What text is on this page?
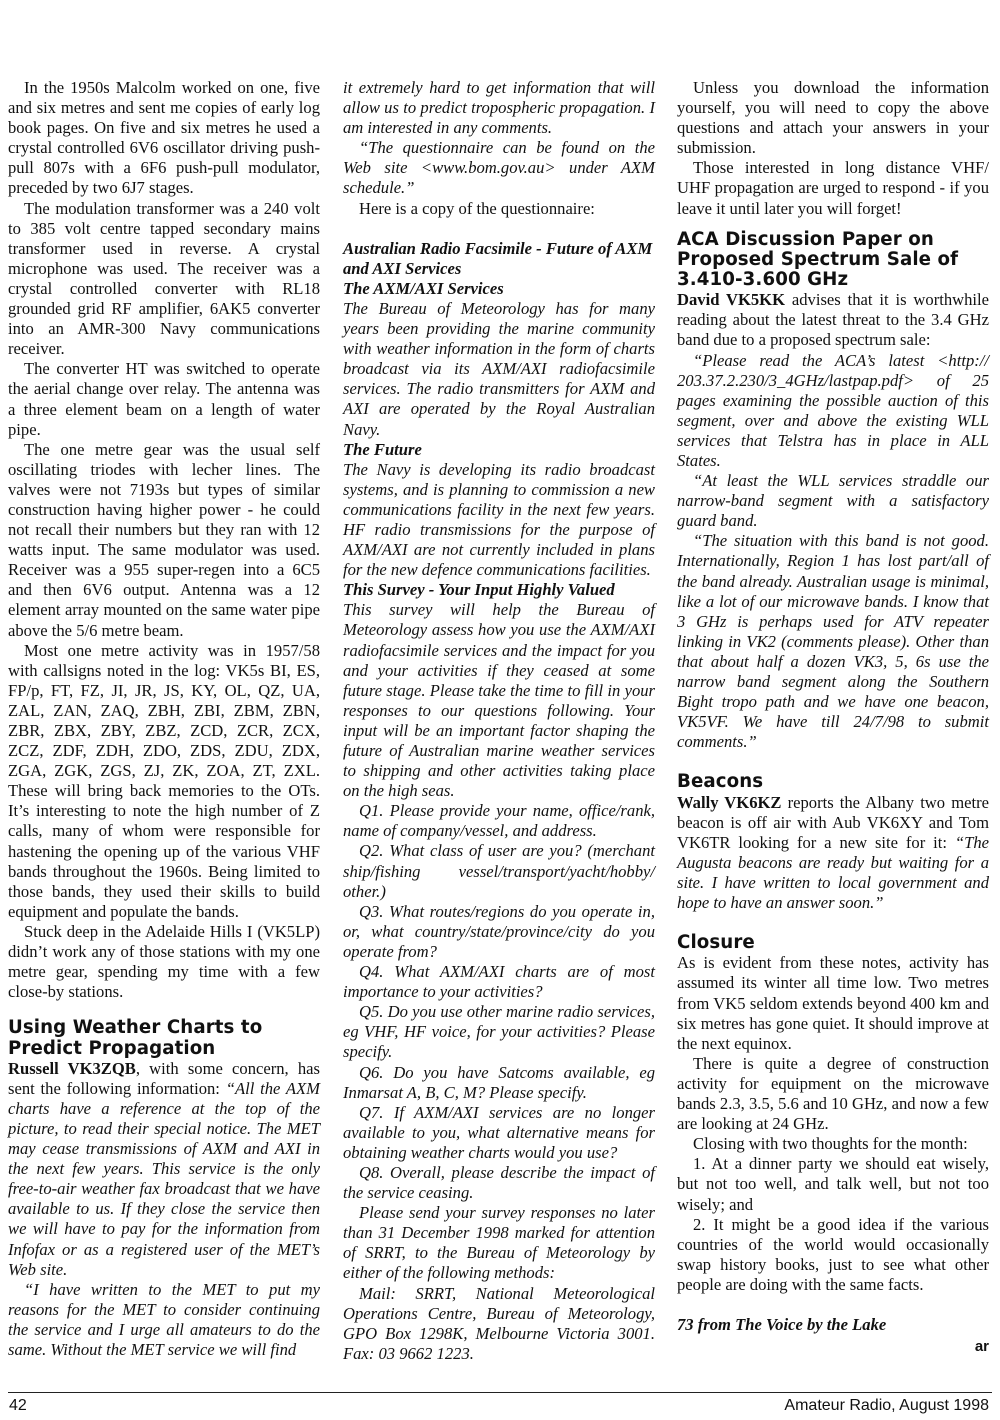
In the 1950s Malcolm worked on one, five and six metres and sent me copies of early log book pages. On five and six metres he used a crystal controlled 6V6 oscillator driving push-pull 807s with a 6F6 push-pull modulator, preceded by two 6J7 stages.

The modulation transformer was a 240 volt to 385 volt centre tapped secondary mains transformer used in reverse. A crystal microphone was used. The receiver was a crystal controlled converter with RL18 grounded grid RF amplifier, 6AK5 converter into an AMR-300 Navy communications receiver.

The converter HT was switched to operate the aerial change over relay. The antenna was a three element beam on a length of water pipe.

The one metre gear was the usual self oscillating triodes with lecher lines. The valves were not 7193s but types of similar construction having higher power - he could not recall their numbers but they ran with 12 watts input. The same modulator was used. Receiver was a 955 super-regen into a 6C5 and then 6V6 output. Antenna was a 12 element array mounted on the same water pipe above the 5/6 metre beam.

Most one metre activity was in 1957/58 with callsigns noted in the log: VK5s BI, ES, FP/p, FT, FZ, JI, JR, JS, KY, OL, QZ, UA, ZAL, ZAN, ZAQ, ZBH, ZBI, ZBM, ZBN, ZBR, ZBX, ZBY, ZBZ, ZCD, ZCR, ZCX, ZCZ, ZDF, ZDH, ZDO, ZDS, ZDU, ZDX, ZGA, ZGK, ZGS, ZJ, ZK, ZOA, ZT, ZXL. These will bring back memories to the OTs. It’s interesting to note the high number of Z calls, many of whom were responsible for hastening the opening up of the various VHF bands throughout the 1960s. Being limited to those bands, they used their skills to build equipment and populate the bands.

Stuck deep in the Adelaide Hills I (VK5LP) didn’t work any of those stations with my one metre gear, spending my time with a few close-by stations.

Using Weather Charts to Predict Propagation

Russell VK3ZQB, with some concern, has sent the following information: “All the AXM charts have a reference at the top of the picture, to read their special notice. The MET may cease transmissions of AXM and AXI in the next few years. This service is the only free-to-air weather fax broadcast that we have available to us. If they close the service then we will have to pay for the information from Infofax or as a registered user of the MET’s Web site.

“I have written to the MET to put my reasons for the MET to consider continuing the service and I urge all amateurs to do the same. Without the MET service we will find

it extremely hard to get information that will allow us to predict tropospheric propagation. I am interested in any comments.

“The questionnaire can be found on the Web site <www.bom.gov.au> under AXM schedule.”

Here is a copy of the questionnaire:

Australian Radio Facsimile - Future of AXM and AXI Services
The AXM/AXI Services

The Bureau of Meteorology has for many years been providing the marine community with weather information in the form of charts broadcast via its AXM/AXI radiofacsimile services. The radio transmitters for AXM and AXI are operated by the Royal Australian Navy.

The Future

The Navy is developing its radio broadcast systems, and is planning to commission a new communications facility in the next few years. HF radio transmissions for the purpose of AXM/AXI are not currently included in plans for the new defence communications facilities.

This Survey - Your Input Highly Valued

This survey will help the Bureau of Meteorology assess how you use the AXM/AXI radiofacsimile services and the impact for you and your activities if they ceased at some future stage. Please take the time to fill in your responses to our questions following. Your input will be an important factor shaping the future of Australian marine weather services to shipping and other activities taking place on the high seas.

Q1. Please provide your name, office/rank, name of company/vessel, and address.

Q2. What class of user are you? (merchant ship/fishing vessel/transport/yacht/hobby/ other.)

Q3. What routes/regions do you operate in, or, what country/state/province/city do you operate from?

Q4. What AXM/AXI charts are of most importance to your activities?

Q5. Do you use other marine radio services, eg VHF, HF voice, for your activities? Please specify.

Q6. Do you have Satcoms available, eg Inmarsat A, B, C, M? Please specify.

Q7. If AXM/AXI services are no longer available to you, what alternative means for obtaining weather charts would you use?

Q8. Overall, please describe the impact of the service ceasing.

Please send your survey responses no later than 31 December 1998 marked for attention of SRRT, to the Bureau of Meteorology by either of the following methods:

Mail: SRRT, National Meteorological Operations Centre, Bureau of Meteorology, GPO Box 1298K, Melbourne Victoria 3001. Fax: 03 9662 1223.

Unless you download the information yourself, you will need to copy the above questions and attach your answers in your submission.

Those interested in long distance VHF/ UHF propagation are urged to respond - if you leave it until later you will forget!

ACA Discussion Paper on Proposed Spectrum Sale of 3.410-3.600 GHz

David VK5KK advises that it is worthwhile reading about the latest threat to the 3.4 GHz band due to a proposed spectrum sale:

“Please read the ACA’s latest <http:// 203.37.2.230/3_4GHz/lastpap.pdf> of 25 pages examining the possible auction of this segment, over and above the existing WLL services that Telstra has in place in ALL States.

“At least the WLL services straddle our narrow-band segment with a satisfactory guard band.

“The situation with this band is not good. Internationally, Region 1 has lost part/all of the band already. Australian usage is minimal, like a lot of our microwave bands. I know that 3 GHz is perhaps used for ATV repeater linking in VK2 (comments please). Other than that about half a dozen VK3, 5, 6s use the narrow band segment along the Southern Bight tropo path and we have one beacon, VK5VF. We have till 24/7/98 to submit comments.”

Beacons

Wally VK6KZ reports the Albany two metre beacon is off air with Aub VK6XY and Tom VK6TR looking for a new site for it: “The Augusta beacons are ready but waiting for a site. I have written to local government and hope to have an answer soon.”

Closure

As is evident from these notes, activity has assumed its winter all time low. Two metres from VK5 seldom extends beyond 400 km and six metres has gone quiet. It should improve at the next equinox.

There is quite a degree of construction activity for equipment on the microwave bands 2.3, 3.5, 5.6 and 10 GHz, and now a few are looking at 24 GHz.

Closing with two thoughts for the month:

1. At a dinner party we should eat wisely, but not too well, and talk well, but not too wisely; and

2. It might be a good idea if the various countries of the world would occasionally swap history books, just to see what other people are doing with the same facts.

73 from The Voice by the Lake

ar
42	Amateur Radio, August 1998
